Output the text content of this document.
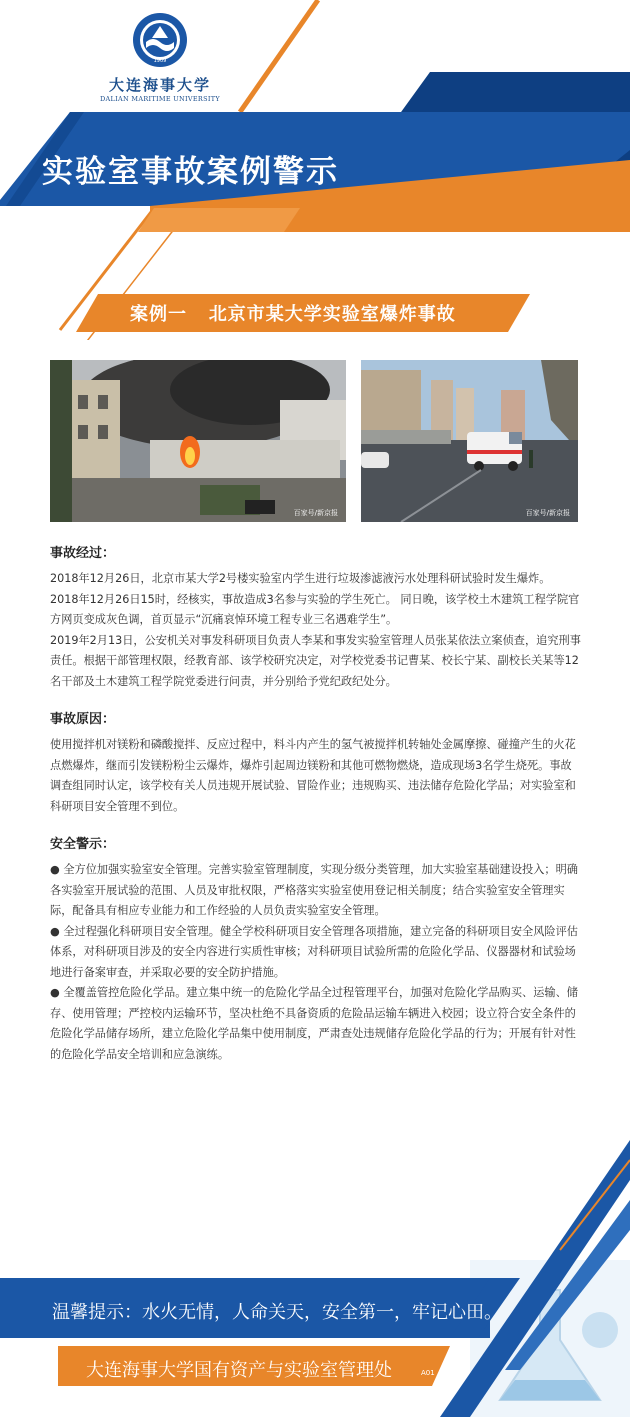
1909
大连海事大学
DALIAN MARITIME UNIVERSITY
实验室事故案例警示
案例一   北京市某大学实验室爆炸事故
百家号/新京报	百家号/新京报
事故经过：

2018年12月26日，北京市某大学2号楼实验室内学生进行垃圾渗滤液污水处理科研试验时发生爆炸。

2018年12月26日15时，经核实，事故造成3名参与实验的学生死亡。 同日晚，该学校土木建筑工程学院官方网页变成灰色调，首页显示“沉痛哀悼环境工程专业三名遇难学生”。

2019年2月13日，公安机关对事发科研项目负责人李某和事发实验室管理人员张某依法立案侦查，追究刑事责任。根据干部管理权限，经教育部、该学校研究决定，对学校党委书记曹某、校长宁某、副校长关某等12名干部及土木建筑工程学院党委进行问责，并分别给予党纪政纪处分。

事故原因：

使用搅拌机对镁粉和磷酸搅拌、反应过程中，料斗内产生的氢气被搅拌机转轴处金属摩擦、碰撞产生的火花点燃爆炸，继而引发镁粉粉尘云爆炸，爆炸引起周边镁粉和其他可燃物燃烧，造成现场3名学生烧死。事故调查组同时认定，该学校有关人员违规开展试验、冒险作业；违规购买、违法储存危险化学品；对实验室和科研项目安全管理不到位。

安全警示：

● 全方位加强实验室安全管理。完善实验室管理制度，实现分级分类管理，加大实验室基础建设投入；明确各实验室开展试验的范围、人员及审批权限，严格落实实验室使用登记相关制度；结合实验室安全管理实际，配备具有相应专业能力和工作经验的人员负责实验室安全管理。

● 全过程强化科研项目安全管理。健全学校科研项目安全管理各项措施，建立完备的科研项目安全风险评估体系，对科研项目涉及的安全内容进行实质性审核；对科研项目试验所需的危险化学品、仪器器材和试验场地进行备案审查，并采取必要的安全防护措施。

● 全覆盖管控危险化学品。建立集中统一的危险化学品全过程管理平台，加强对危险化学品购买、运输、储存、使用管理；严控校内运输环节，坚决杜绝不具备资质的危险品运输车辆进入校园；设立符合安全条件的危险化学品储存场所，建立危险化学品集中使用制度，严肃查处违规储存危险化学品的行为；开展有针对性的危险化学品安全培训和应急演练。

温馨提示：水火无情，人命关天，安全第一，牢记心田。
大连海事大学国有资产与实验室管理处	A01
